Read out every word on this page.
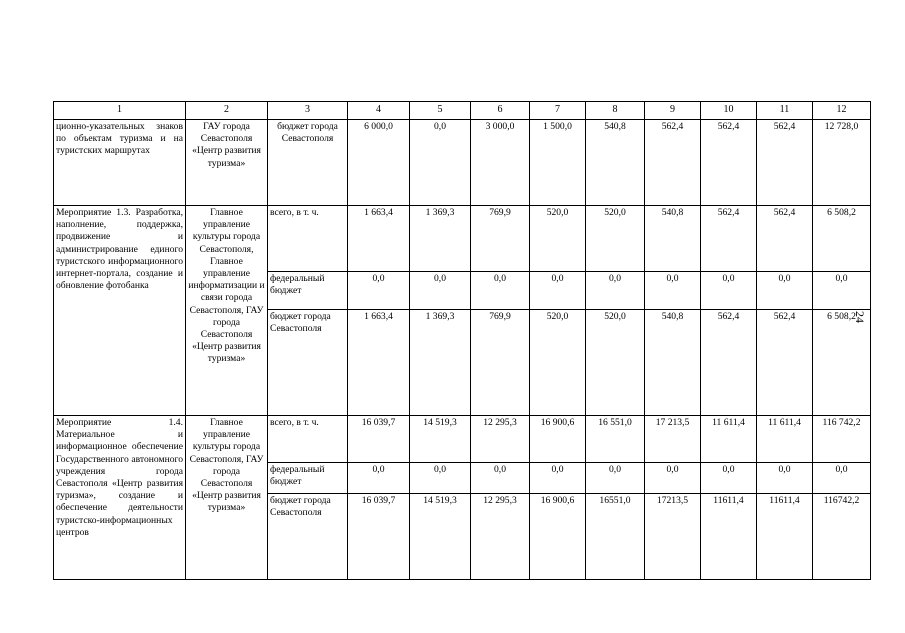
1	2	3	4	5	6	7	8	9	10	11	12
ционно-указательных знаков по объектам туризма и на туристских маршрутах	ГАУ города Севастополя «Центр развития туризма»	бюджет города Севастополя	6 000,0	0,0	3 000,0	1 500,0	540,8	562,4	562,4	562,4	12 728,0
Мероприятие 1.3. Разработка, наполнение, поддержка, продвижение и администрирование единого туристского информационного интернет-портала, создание и обновление фотобанка	Главное управление культуры города Севастополя, Главное управление информатизации и связи города Севастополя, ГАУ города Севастополя «Центр развития туризма»	всего, в т. ч.	1 663,4	1 369,3	769,9	520,0	520,0	540,8	562,4	562,4	6 508,2
		федеральный бюджет	0,0	0,0	0,0	0,0	0,0	0,0	0,0	0,0	0,0
		бюджет города Севастополя	1 663,4	1 369,3	769,9	520,0	520,0	540,8	562,4	562,4	6 508,2
Мероприятие 1.4. Материальное и информационное обеспечение Государственного автономного учреждения города Севастополя «Центр развития туризма», создание и обеспечение деятельности туристско-информационных центров	Главное управление культуры города Севастополя, ГАУ города Севастополя «Центр развития туризма»	всего, в т. ч.	16 039,7	14 519,3	12 295,3	16 900,6	16 551,0	17 213,5	11 611,4	11 611,4	116 742,2
		федеральный бюджет	0,0	0,0	0,0	0,0	0,0	0,0	0,0	0,0	0,0
		бюджет города Севастополя	16 039,7	14 519,3	12 295,3	16 900,6	16551,0	17213,5	11611,4	11611,4	116742,2
24
